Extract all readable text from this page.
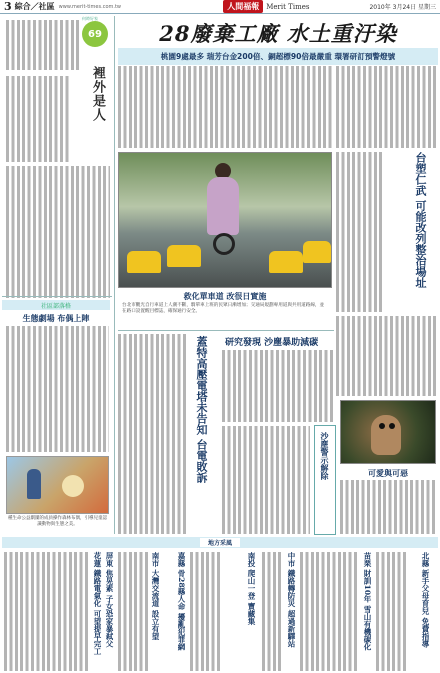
3 綜合／社區 www.merit-times.com.tw	人間福報	Merit Times	2010年 3月24日 星期三
何時好家
69
裡外是人
社區部落格
生態劇場 布偶上陣
種生命公益劇團的成員操作森林布偶，引導兒童認識動物與生態之美。
28廢棄工廠 水土重汙染
桃園9處最多 瑞芳台金200倍、銅超標90倍最嚴重 環署研訂預警燈號
救化單車道 改很日實施
台北市觀光自行車道上人潮不斷，騎單車上班的民眾日漸增加；交通局規劃專用道與共用道路線，並在路口設置醒目標誌，確保通行安全。
台塑仁武 可能改列整治場址
蓋特高壓電塔未告知 台電敗訴 研究發現 沙塵暴助減碳
沙塵警示解除	可愛與可惡
地方采風
花蓮 鐵路電氣化 可望提早完工 屏東 焦晃素 子女恐家暴弒父	南市 大灣交流道 設立有望 嘉縣 骨28縣人命 擾亂犯罪網	南投 爬山一登 寶藏集	中市 鐵路轉防災 超過新驛站	苗栗 財訓10年 雪山有機碳化	北縣 新手父母育兒 免費指導
